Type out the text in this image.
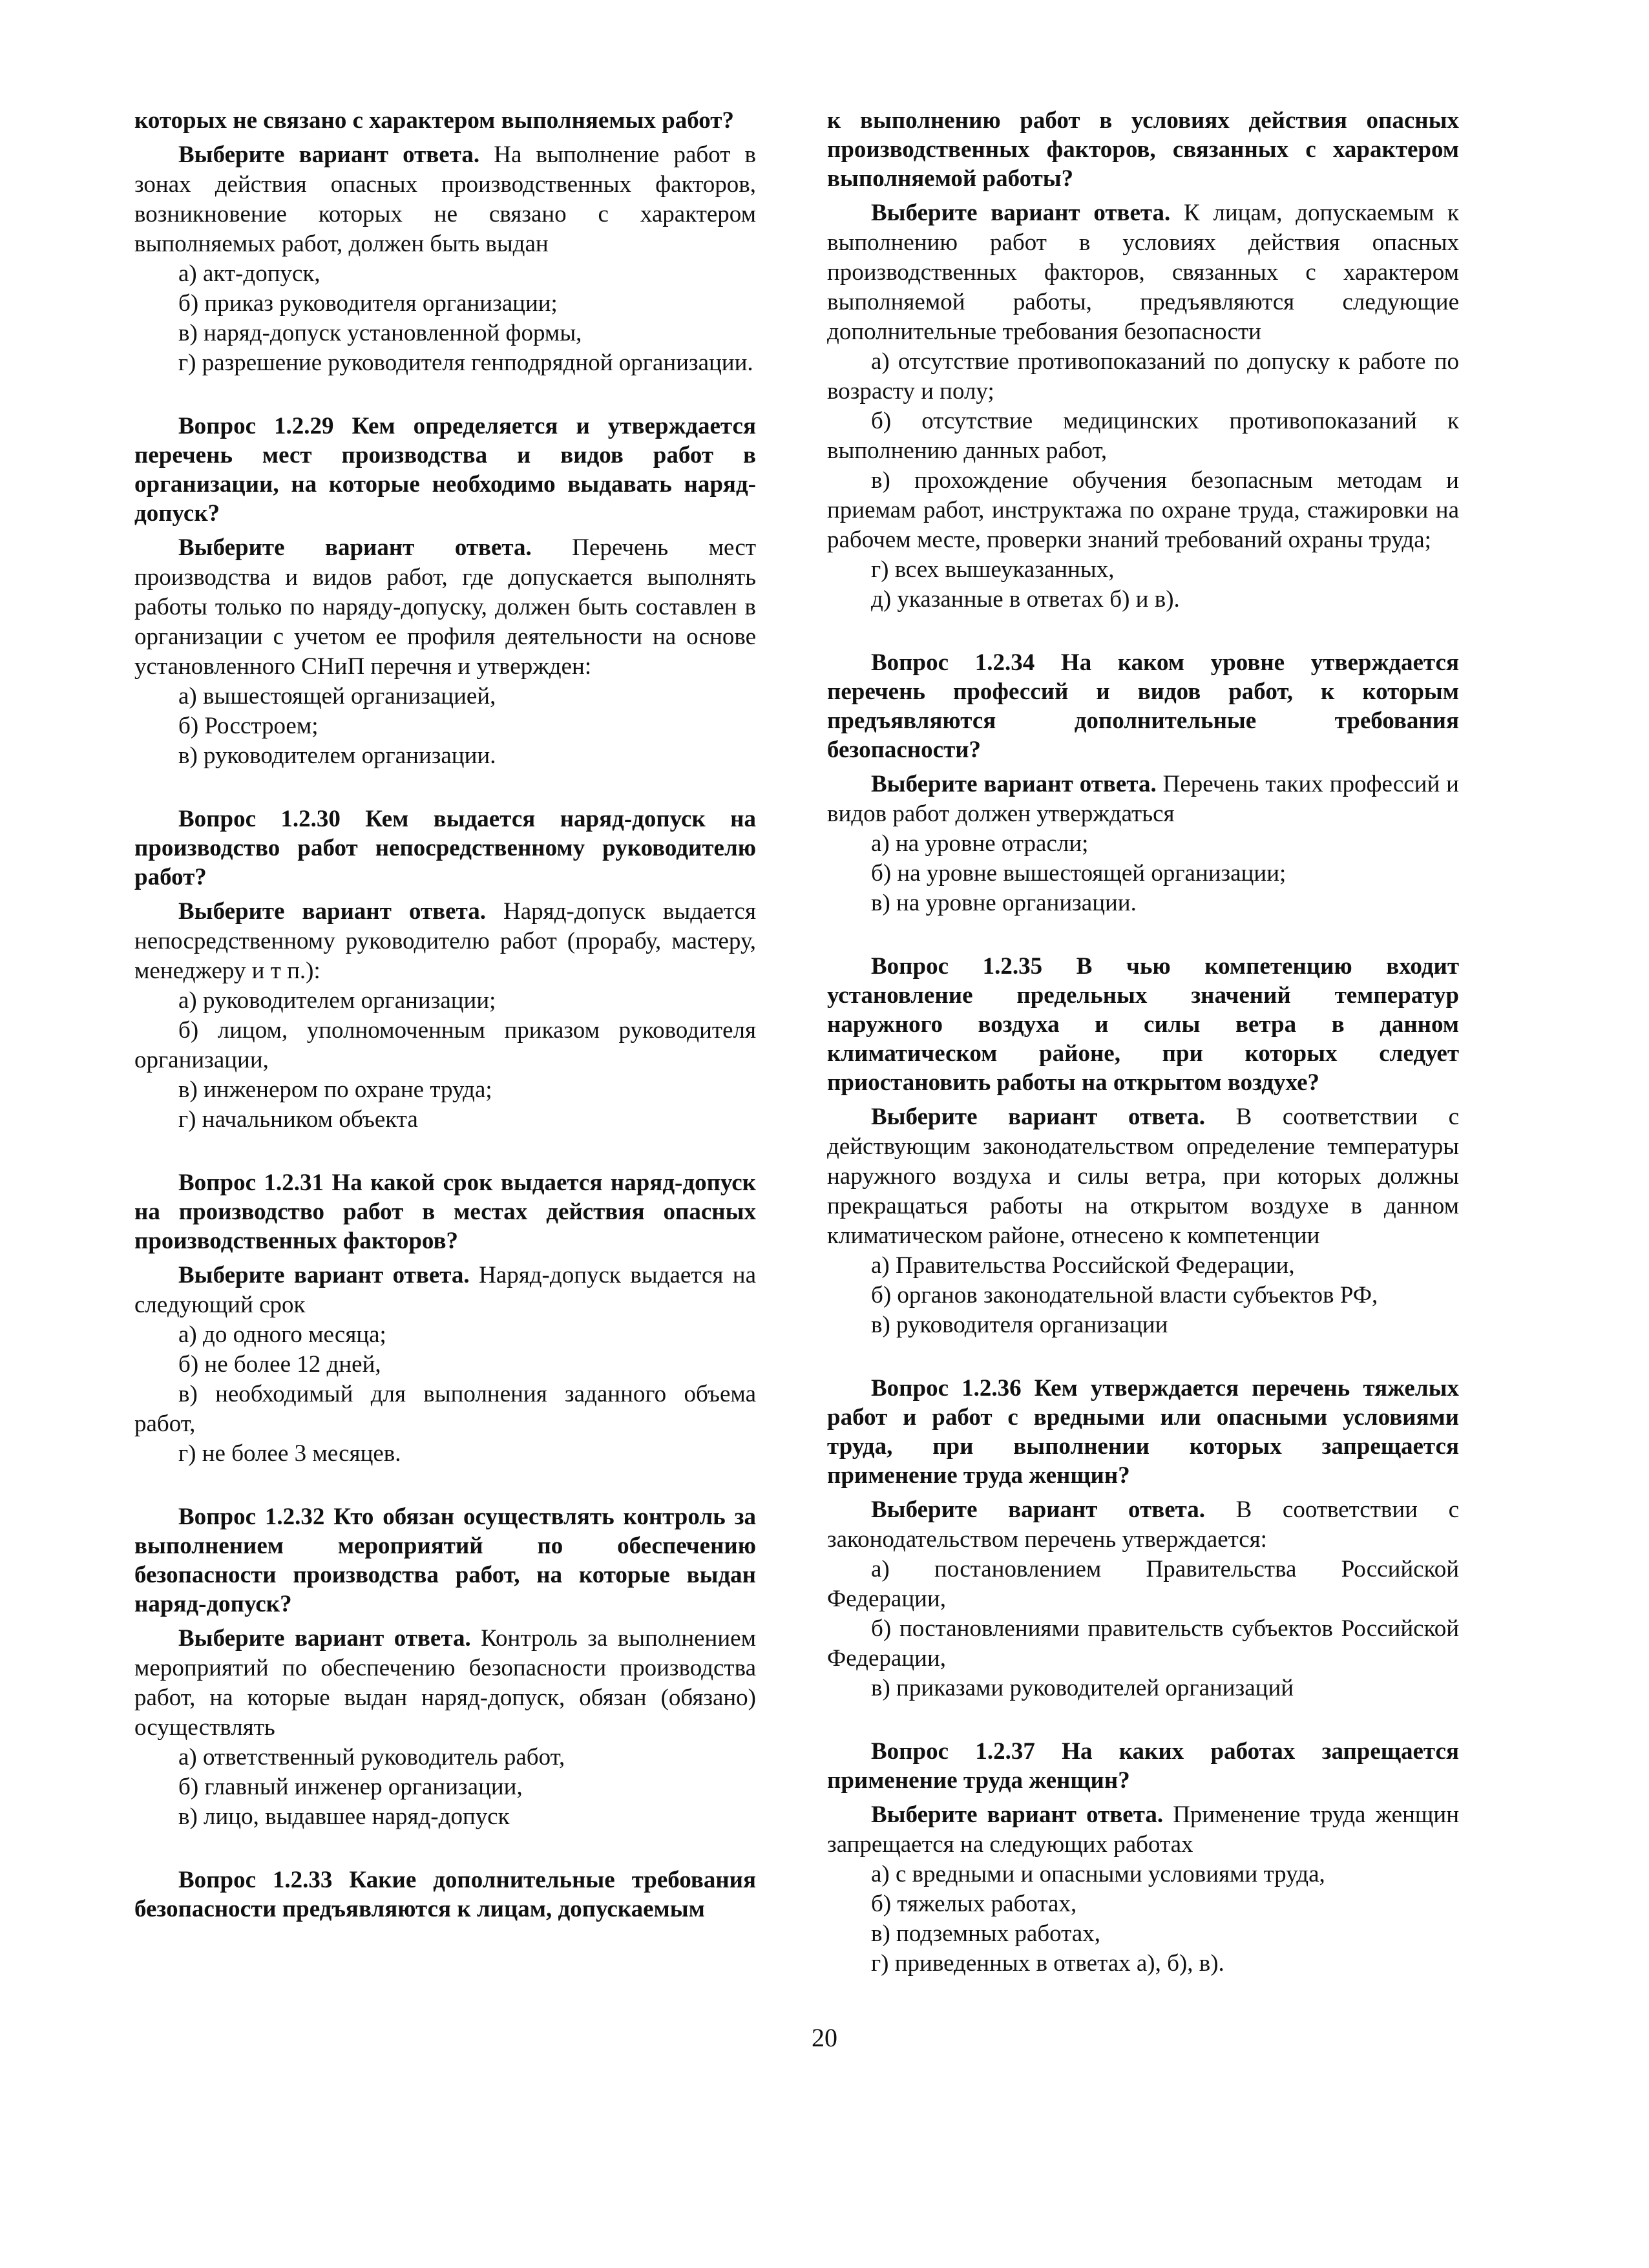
которых не связано с характером выполняемых работ?

Выберите вариант ответа. На выполнение работ в зонах действия опасных производственных факторов, возникновение которых не связано с характером выполняемых работ, должен быть выдан

а) акт-допуск,

б) приказ руководителя организации;

в) наряд-допуск установленной формы,

г) разрешение руководителя генподрядной организации.

Вопрос 1.2.29 Кем определяется и утверждается перечень мест производства и видов работ в организации, на которые необходимо выдавать наряд-допуск?

Выберите вариант ответа. Перечень мест производства и видов работ, где допускается выполнять работы только по наряду-допуску, должен быть составлен в организации с учетом ее профиля деятельности на основе установленного СНиП перечня и утвержден:

а) вышестоящей организацией,

б) Росстроем;

в) руководителем организации.

Вопрос 1.2.30 Кем выдается наряд-допуск на производство работ непосредственному руководителю работ?

Выберите вариант ответа. Наряд-допуск выдается непосредственному руководителю работ (прорабу, мастеру, менеджеру и т п.):

а) руководителем организации;

б) лицом, уполномоченным приказом руководителя организации,

в) инженером по охране труда;

г) начальником объекта

Вопрос 1.2.31 На какой срок выдается наряд-допуск на производство работ в местах действия опасных производственных факторов?

Выберите вариант ответа. Наряд-допуск выдается на следующий срок

а) до одного месяца;

б) не более 12 дней,

в) необходимый для выполнения заданного объема работ,

г) не более 3 месяцев.

Вопрос 1.2.32 Кто обязан осуществлять контроль за выполнением мероприятий по обеспечению безопасности производства работ, на которые выдан наряд-допуск?

Выберите вариант ответа. Контроль за выполнением мероприятий по обеспечению безопасности производства работ, на которые выдан наряд-допуск, обязан (обязано) осуществлять

а) ответственный руководитель работ,

б) главный инженер организации,

в) лицо, выдавшее наряд-допуск

Вопрос 1.2.33 Какие дополнительные требования безопасности предъявляются к лицам, допускаемым

к выполнению работ в условиях действия опасных производственных факторов, связанных с характером выполняемой работы?

Выберите вариант ответа. К лицам, допускаемым к выполнению работ в условиях действия опасных производственных факторов, связанных с характером выполняемой работы, предъявляются следующие дополнительные требования безопасности

а) отсутствие противопоказаний по допуску к работе по возрасту и полу;

б) отсутствие медицинских противопоказаний к выполнению данных работ,

в) прохождение обучения безопасным методам и приемам работ, инструктажа по охране труда, стажировки на рабочем месте, проверки знаний требований охраны труда;

г) всех вышеуказанных,

д) указанные в ответах б) и в).

Вопрос 1.2.34 На каком уровне утверждается перечень профессий и видов работ, к которым предъявляются дополнительные требования безопасности?

Выберите вариант ответа. Перечень таких профессий и видов работ должен утверждаться

а) на уровне отрасли;

б) на уровне вышестоящей организации;

в) на уровне организации.

Вопрос 1.2.35 В чью компетенцию входит установление предельных значений температур наружного воздуха и силы ветра в данном климатическом районе, при которых следует приостановить работы на открытом воздухе?

Выберите вариант ответа. В соответствии с действующим законодательством определение температуры наружного воздуха и силы ветра, при которых должны прекращаться работы на открытом воздухе в данном климатическом районе, отнесено к компетенции

а) Правительства Российской Федерации,

б) органов законодательной власти субъектов РФ,

в) руководителя организации

Вопрос 1.2.36 Кем утверждается перечень тяжелых работ и работ с вредными или опасными условиями труда, при выполнении которых запрещается применение труда женщин?

Выберите вариант ответа. В соответствии с законодательством перечень утверждается:

а) постановлением Правительства Российской Федерации,

б) постановлениями правительств субъектов Российской Федерации,

в) приказами руководителей организаций

Вопрос 1.2.37 На каких работах запрещается применение труда женщин?

Выберите вариант ответа. Применение труда женщин запрещается на следующих работах

а) с вредными и опасными условиями труда,

б) тяжелых работах,

в) подземных работах,

г) приведенных в ответах а), б), в).

20
